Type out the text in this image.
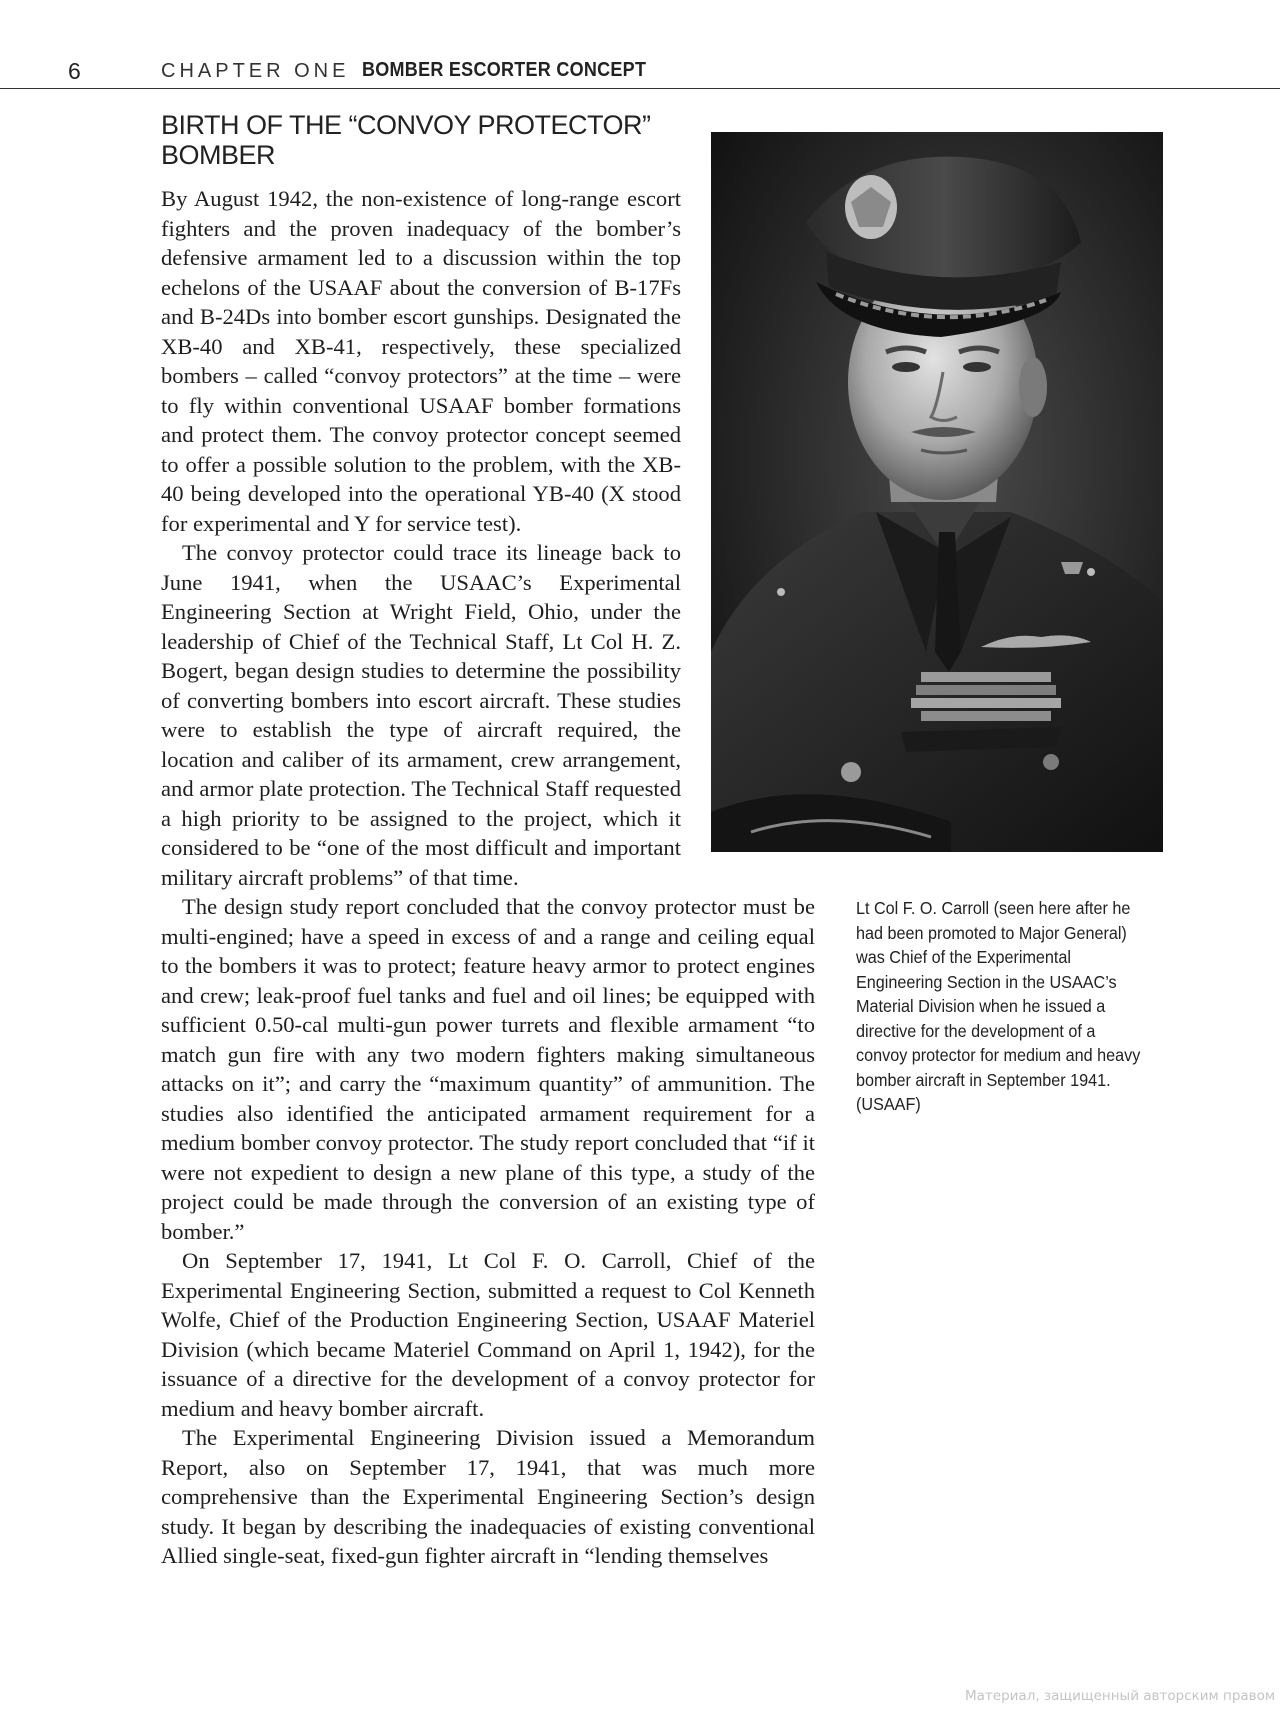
6	CHAPTER ONE BOMBER ESCORTER CONCEPT
BIRTH OF THE “CONVOY PROTECTOR”
BOMBER

By August 1942, the non-existence of long-range escort fighters and the proven inadequacy of the bomber’s defensive armament led to a discussion within the top echelons of the USAAF about the conversion of B-17Fs and B-24Ds into bomber escort gunships. Designated the XB-40 and XB-41, respectively, these specialized bombers – called “convoy protectors” at the time – were to fly within conventional USAAF bomber formations and protect them. The convoy protector concept seemed to offer a possible solution to the problem, with the XB-40 being developed into the operational YB-40 (X stood for experimental and Y for service test).

The convoy protector could trace its lineage back to June 1941, when the USAAC’s Experimental Engineering Section at Wright Field, Ohio, under the leadership of Chief of the Technical Staff, Lt Col H. Z. Bogert, began design studies to determine the possibility of converting bombers into escort aircraft. These studies were to establish the type of aircraft required, the location and caliber of its armament, crew arrangement, and armor plate protection. The Technical Staff requested a high priority to be assigned to the project, which it considered to be “one of the most difficult and important military aircraft problems” of that time.

The design study report concluded that the convoy protector must be multi-engined; have a speed in excess of and a range and ceiling equal to the bombers it was to protect; feature heavy armor to protect engines and crew; leak-proof fuel tanks and fuel and oil lines; be equipped with sufficient 0.50-cal multi-gun power turrets and flexible armament “to match gun fire with any two modern fighters making simultaneous attacks on it”; and carry the “maximum quantity” of ammunition. The studies also identified the anticipated armament requirement for a medium bomber convoy protector. The study report concluded that “if it were not expedient to design a new plane of this type, a study of the project could be made through the conversion of an existing type of bomber.”

On September 17, 1941, Lt Col F. O. Carroll, Chief of the Experimental Engineering Section, submitted a request to Col Kenneth Wolfe, Chief of the Production Engineering Section, USAAF Materiel Division (which became Materiel Command on April 1, 1942), for the issuance of a directive for the development of a convoy protector for medium and heavy bomber aircraft.

The Experimental Engineering Division issued a Memorandum Report, also on September 17, 1941, that was much more comprehensive than the Experimental Engineering Section’s design study. It began by describing the inadequacies of existing conventional Allied single-seat, fixed-gun fighter aircraft in “lending themselves

Lt Col F. O. Carroll (seen here after he had been promoted to Major General) was Chief of the Experimental Engineering Section in the USAAC’s Material Division when he issued a directive for the development of a convoy protector for medium and heavy bomber aircraft in September 1941. (USAAF)
Материал, защищенный авторским правом
